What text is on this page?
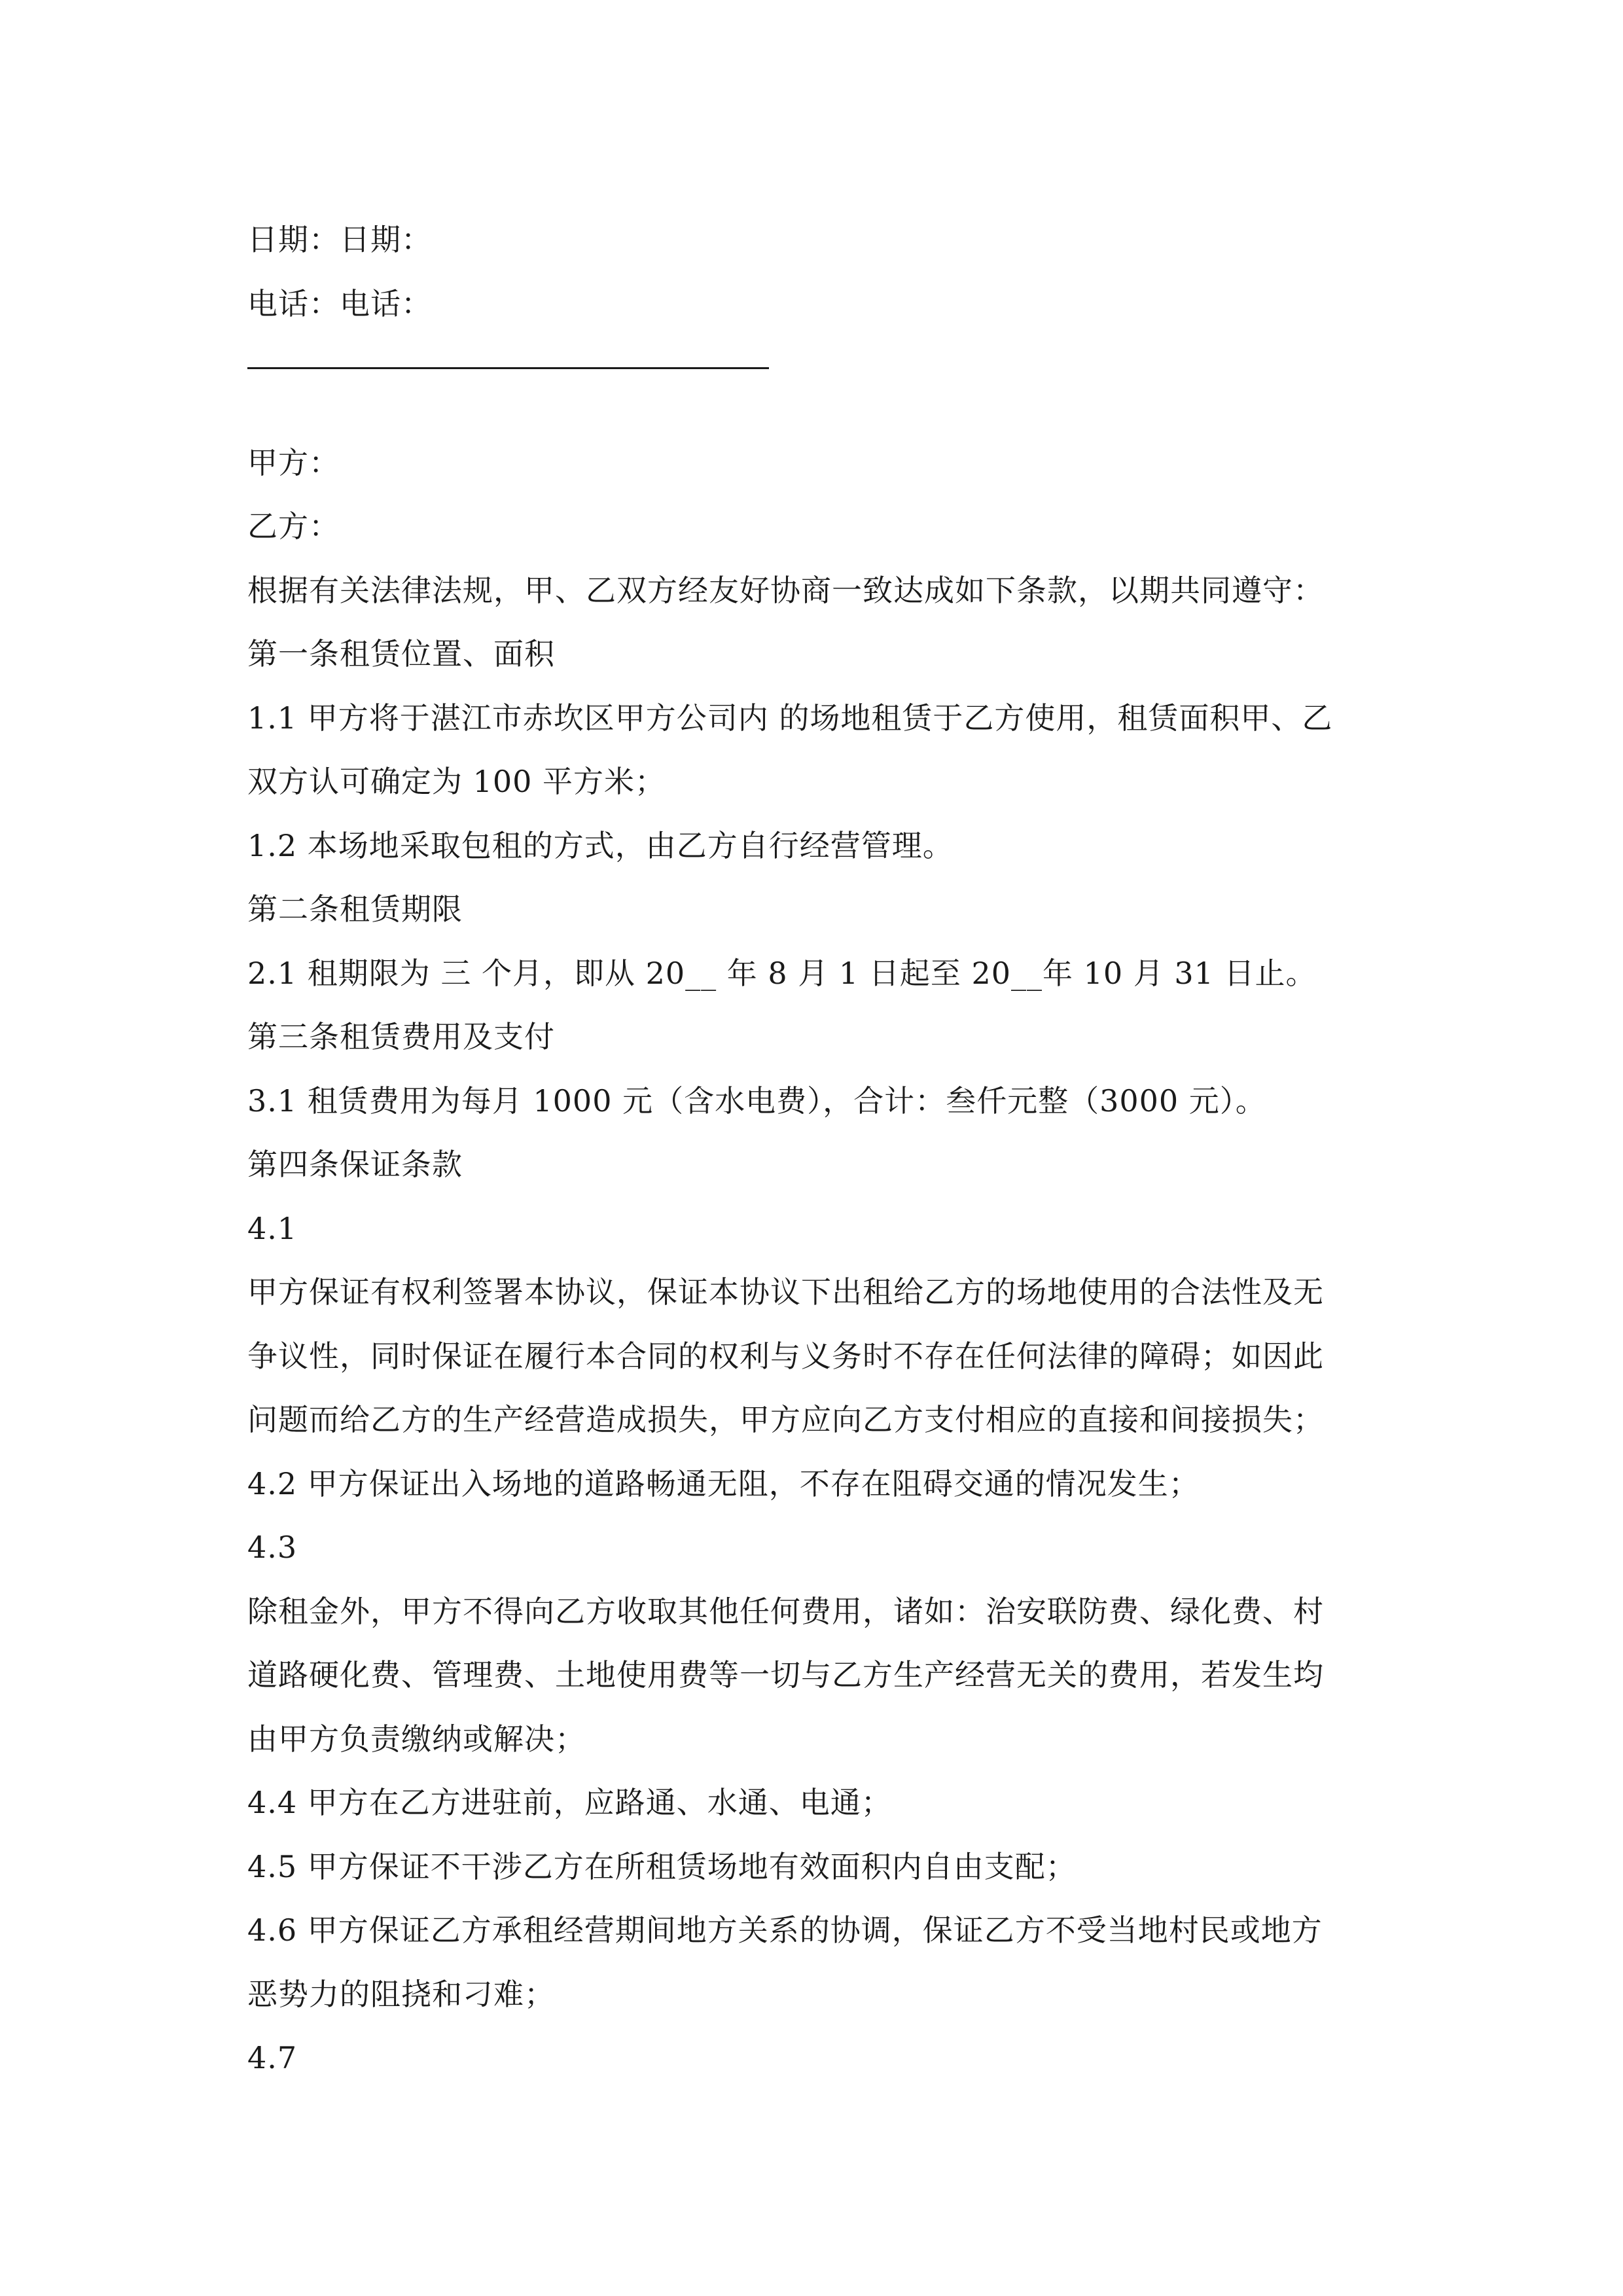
日期：日期：
电话：电话：
甲方：
乙方：
根据有关法律法规，甲、乙双方经友好协商一致达成如下条款，以期共同遵守：
第一条租赁位置、面积
1.1 甲方将于湛江市赤坎区甲方公司内 的场地租赁于乙方使用，租赁面积甲、乙
双方认可确定为 100 平方米；
1.2 本场地采取包租的方式，由乙方自行经营管理。
第二条租赁期限
2.1 租期限为 三 个月，即从 20__ 年 8 月 1 日起至 20__年 10 月 31 日止。
第三条租赁费用及支付
3.1 租赁费用为每月 1000 元（含水电费），合计：叁仟元整（3000 元）。
第四条保证条款
4.1
甲方保证有权利签署本协议，保证本协议下出租给乙方的场地使用的合法性及无
争议性，同时保证在履行本合同的权利与义务时不存在任何法律的障碍；如因此
问题而给乙方的生产经营造成损失，甲方应向乙方支付相应的直接和间接损失；
4.2 甲方保证出入场地的道路畅通无阻，不存在阻碍交通的情况发生；
4.3
除租金外，甲方不得向乙方收取其他任何费用，诸如：治安联防费、绿化费、村
道路硬化费、管理费、土地使用费等一切与乙方生产经营无关的费用，若发生均
由甲方负责缴纳或解决；
4.4 甲方在乙方进驻前，应路通、水通、电通；
4.5 甲方保证不干涉乙方在所租赁场地有效面积内自由支配；
4.6 甲方保证乙方承租经营期间地方关系的协调，保证乙方不受当地村民或地方
恶势力的阻挠和刁难；
4.7
